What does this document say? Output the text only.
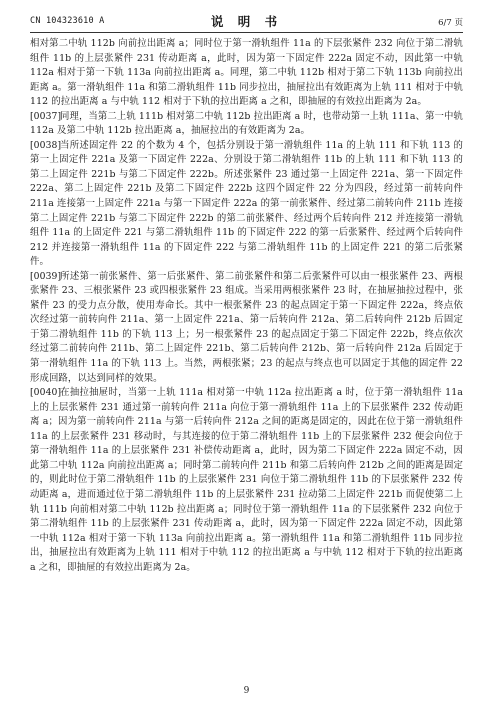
CN 104323610 A	说 明 书	6/7 页

相对第二中轨 112b 向前拉出距离 a；同时位于第一滑轨组件 11a 的下层张紧件 232 向位于第二滑轨组件 11b 的上层张紧件 231 传动距离 a，此时，因为第一下固定件 222a 固定不动，因此第一中轨 112a 相对于第一下轨 113a 向前拉出距离 a。同理，第二中轨 112b 相对于第二下轨 113b 向前拉出距离 a。第一滑轨组件 11a 和第二滑轨组件 11b 同步拉出，抽屉拉出有效距离为上轨 111 相对于中轨 112 的拉出距离 a 与中轨 112 相对于下轨的拉出距离 a 之和，即抽屉的有效拉出距离为 2a。

[0037]同理，当第二上轨 111b 相对第二中轨 112b 拉出距离 a 时，也带动第一上轨 111a、第一中轨 112a 及第二中轨 112b 拉出距离 a，抽屉拉出的有效距离为 2a。

[0038]当所述固定件 22 的个数为 4 个，包括分别设于第一滑轨组件 11a 的上轨 111 和下轨 113 的第一上固定件 221a 及第一下固定件 222a、分别设于第二滑轨组件 11b 的上轨 111 和下轨 113 的第二上固定件 221b 与第二下固定件 222b。所述张紧件 23 通过第一上固定件 221a、第一下固定件 222a、第二上固定件 221b 及第二下固定件 222b 这四个固定件 22 分为四段，经过第一前转向件 211a 连接第一上固定件 221a 与第一下固定件 222a 的第一前张紧件、经过第二前转向件 211b 连接第二上固定件 221b 与第二下固定件 222b 的第二前张紧件、经过两个后转向件 212 并连接第一滑轨组件 11a 的上固定件 221 与第二滑轨组件 11b 的下固定件 222 的第一后张紧件、经过两个后转向件 212 并连接第一滑轨组件 11a 的下固定件 222 与第二滑轨组件 11b 的上固定件 221 的第二后张紧件。

[0039]所述第一前张紧件、第一后张紧件、第二前张紧件和第二后张紧件可以由一根张紧件 23、两根张紧件 23、三根张紧件 23 或四根张紧件 23 组成。当采用两根张紧件 23 时，在抽屉抽拉过程中，张紧件 23 的受力点分散，使用寿命长。其中一根张紧件 23 的起点固定于第一下固定件 222a，终点依次经过第一前转向件 211a、第一上固定件 221a、第一后转向件 212a、第二后转向件 212b 后固定于第二滑轨组件 11b 的下轨 113 上；另一根张紧件 23 的起点固定于第二下固定件 222b，终点依次经过第二前转向件 211b、第二上固定件 221b、第二后转向件 212b、第一后转向件 212a 后固定于第一滑轨组件 11a 的下轨 113 上。当然，两根张紧；23 的起点与终点也可以固定于其他的固定件 22 形成回路，以达到同样的效果。

[0040]在抽拉抽屉时，当第一上轨 111a 相对第一中轨 112a 拉出距离 a 时，位于第一滑轨组件 11a 上的上层张紧件 231 通过第一前转向件 211a 向位于第一滑轨组件 11a 上的下层张紧件 232 传动距离 a；因为第一前转向件 211a 与第一后转向件 212a 之间的距离是固定的，因此在位于第一滑轨组件 11a 的上层张紧件 231 移动时，与其连接的位于第二滑轨组件 11b 上的下层张紧件 232 便会向位于第一滑轨组件 11a 的上层张紧件 231 补偿传动距离 a，此时，因为第二下固定件 222a 固定不动，因此第二中轨 112a 向前拉出距离 a；同时第二前转向件 211b 和第二后转向件 212b 之间的距离是固定的，则此时位于第二滑轨组件 11b 的上层张紧件 231 向位于第二滑轨组件 11b 的下层张紧件 232 传动距离 a，进而通过位于第二滑轨组件 11b 的上层张紧件 231 拉动第二上固定件 221b 而促使第二上轨 111b 向前相对第二中轨 112b 拉出距离 a；同时位于第一滑轨组件 11a 的下层张紧件 232 向位于第二滑轨组件 11b 的上层张紧件 231 传动距离 a，此时，因为第一下固定件 222a 固定不动，因此第一中轨 112a 相对于第一下轨 113a 向前拉出距离 a。第一滑轨组件 11a 和第二滑轨组件 11b 同步拉出，抽屉拉出有效距离为上轨 111 相对于中轨 112 的拉出距离 a 与中轨 112 相对于下轨的拉出距离 a 之和，即抽屉的有效拉出距离为 2a。

9
